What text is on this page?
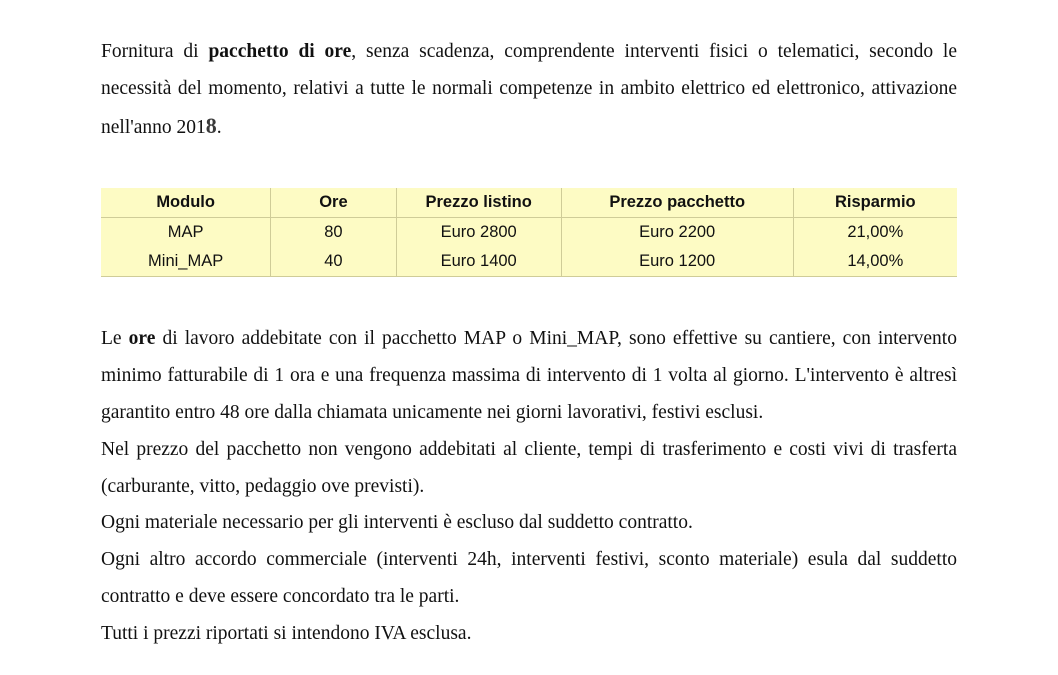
Fornitura di pacchetto di ore, senza scadenza, comprendente interventi fisici o telematici, secondo le necessità del momento, relativi a tutte le normali competenze in ambito elettrico ed elettronico, attivazione nell'anno 2018.

Modulo	Ore	Prezzo listino	Prezzo pacchetto	Risparmio
MAP	80	Euro 2800	Euro 2200	21,00%
Mini_MAP	40	Euro 1400	Euro 1200	14,00%

Le ore di lavoro addebitate con il pacchetto MAP o Mini_MAP, sono effettive su cantiere, con intervento minimo fatturabile di 1 ora e una frequenza massima di intervento di 1 volta al giorno. L'intervento è altresì garantito entro 48 ore dalla chiamata unicamente nei giorni lavorativi, festivi esclusi.

Nel prezzo del pacchetto non vengono addebitati al cliente, tempi di trasferimento e costi vivi di trasferta (carburante, vitto, pedaggio ove previsti).

Ogni materiale necessario per gli interventi è escluso dal suddetto contratto.

Ogni altro accordo commerciale (interventi 24h, interventi festivi, sconto materiale) esula dal suddetto contratto e deve essere concordato tra le parti.

Tutti i prezzi riportati si intendono IVA esclusa.
